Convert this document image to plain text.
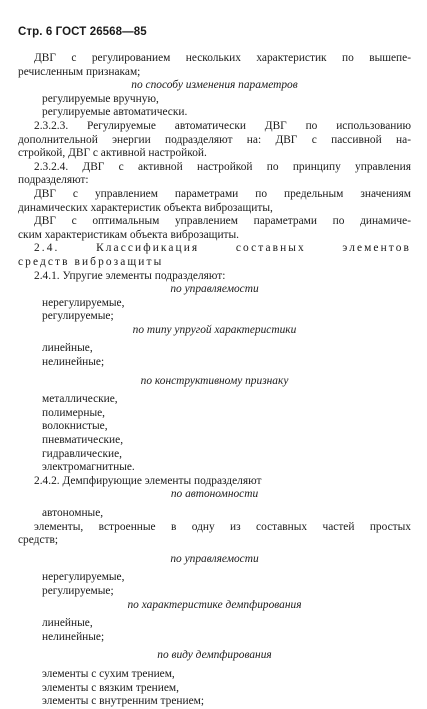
Стр. 6 ГОСТ 26568—85
ДВГ с регулированием нескольких характеристик по вышепе-
речисленным признакам;
по способу изменения параметров
регулируемые вручную,
регулируемые автоматически.
2.3.2.3. Регулируемые автоматически ДВГ по использованию
дополнительной энергии подразделяют на: ДВГ с пассивной на-
стройкой, ДВГ с активной настройкой.
2.3.2.4. ДВГ с активной настройкой по принципу управления
подразделяют:
ДВГ с управлением параметрами по предельным значениям
динамических характеристик объекта виброзащиты,
ДВГ с оптимальным управлением параметрами по динамиче-
ским характеристикам объекта виброзащиты.
2.4. Классификация составных элементов
средств виброзащиты
2.4.1. Упругие элементы подразделяют:
по управляемости
нерегулируемые,
регулируемые;
по типу упругой характеристики
линейные,
нелинейные;
по конструктивному признаку
металлические,
полимерные,
волокнистые,
пневматические,
гидравлические,
электромагнитные.
2.4.2. Демпфирующие элементы подразделяют
по автономности
автономные,
элементы, встроенные в одну из составных частей простых
средств;
по управляемости
нерегулируемые,
регулируемые;
по характеристике демпфирования
линейные,
нелинейные;
по виду демпфирования
элементы с сухим трением,
элементы с вязким трением,
элементы с внутренним трением;
